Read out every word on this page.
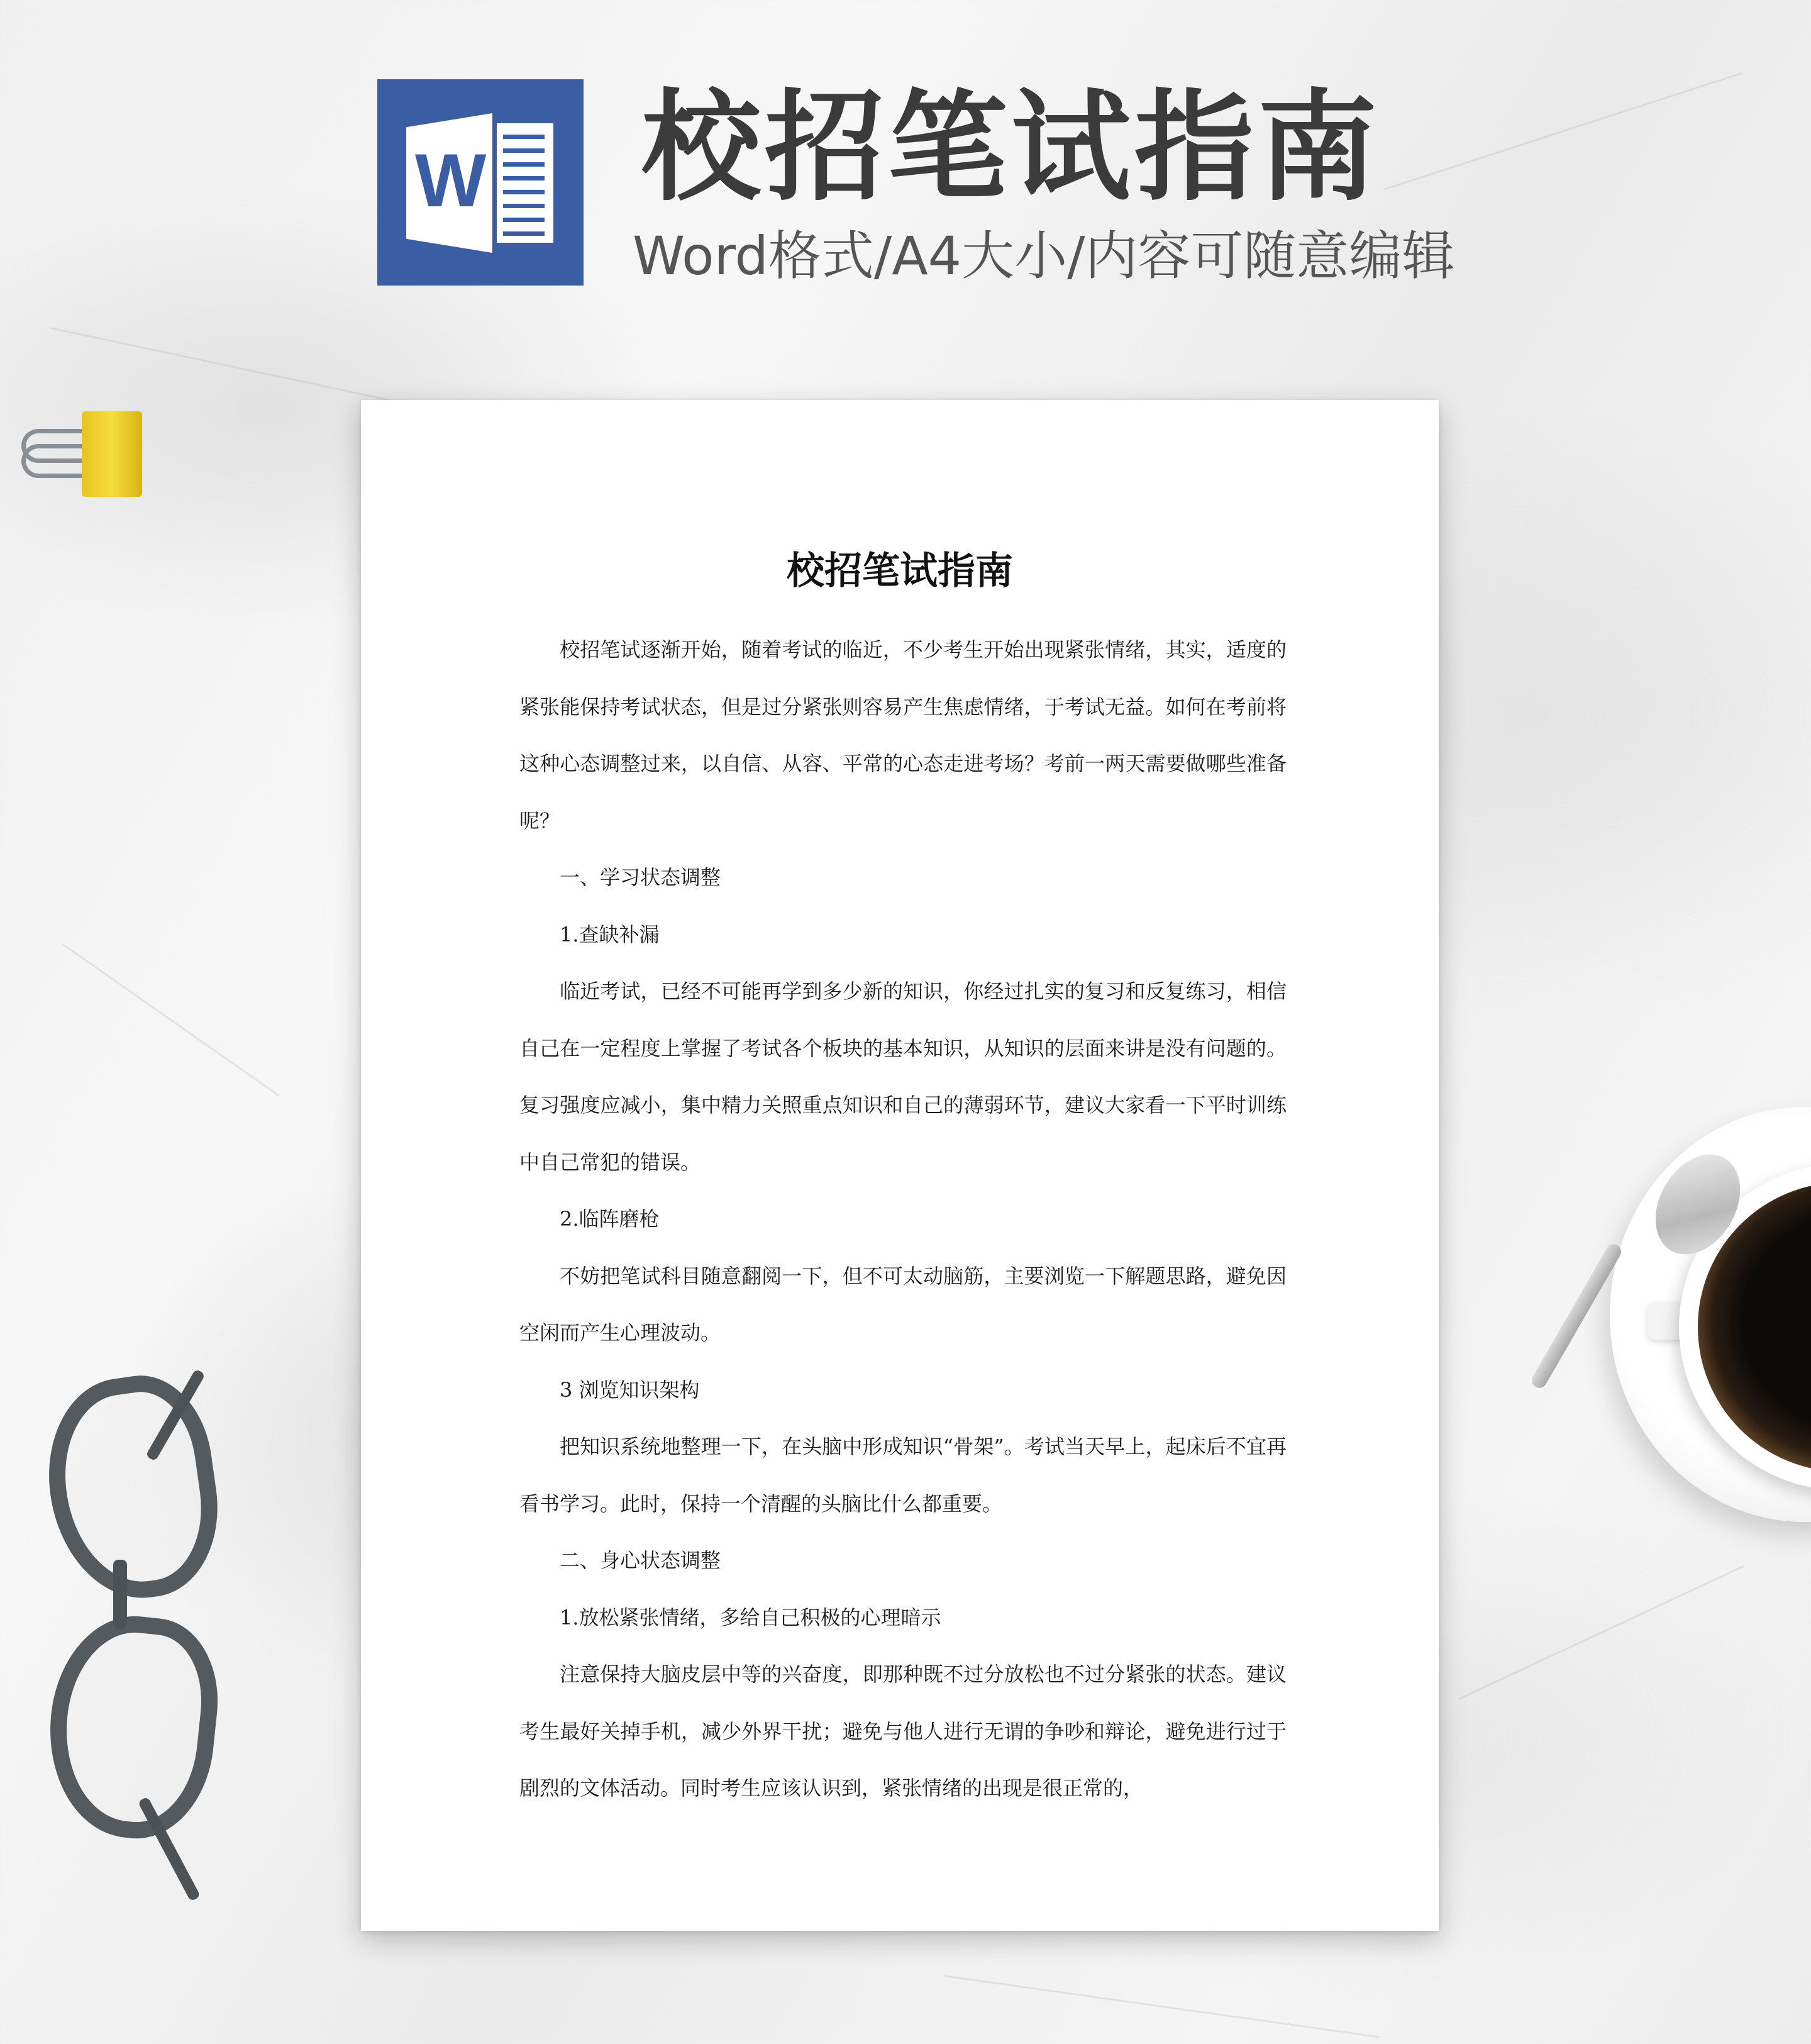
W 校招笔试指南
Word格式/A4大小/内容可随意编辑
校招笔试指南

校招笔试逐渐开始，随着考试的临近，不少考生开始出现紧张情绪，其实，适度的紧张能保持考试状态，但是过分紧张则容易产生焦虑情绪，于考试无益。如何在考前将这种心态调整过来，以自信、从容、平常的心态走进考场？考前一两天需要做哪些准备呢？

一、学习状态调整

1.查缺补漏

临近考试，已经不可能再学到多少新的知识，你经过扎实的复习和反复练习，相信自己在一定程度上掌握了考试各个板块的基本知识，从知识的层面来讲是没有问题的。复习强度应减小，集中精力关照重点知识和自己的薄弱环节，建议大家看一下平时训练中自己常犯的错误。

2.临阵磨枪

不妨把笔试科目随意翻阅一下，但不可太动脑筋，主要浏览一下解题思路，避免因空闲而产生心理波动。

3 浏览知识架构

把知识系统地整理一下，在头脑中形成知识“骨架”。考试当天早上，起床后不宜再看书学习。此时，保持一个清醒的头脑比什么都重要。

二、身心状态调整

1.放松紧张情绪，多给自己积极的心理暗示

注意保持大脑皮层中等的兴奋度，即那种既不过分放松也不过分紧张的状态。建议考生最好关掉手机，减少外界干扰；避免与他人进行无谓的争吵和辩论，避免进行过于剧烈的文体活动。同时考生应该认识到，紧张情绪的出现是很正常的，
